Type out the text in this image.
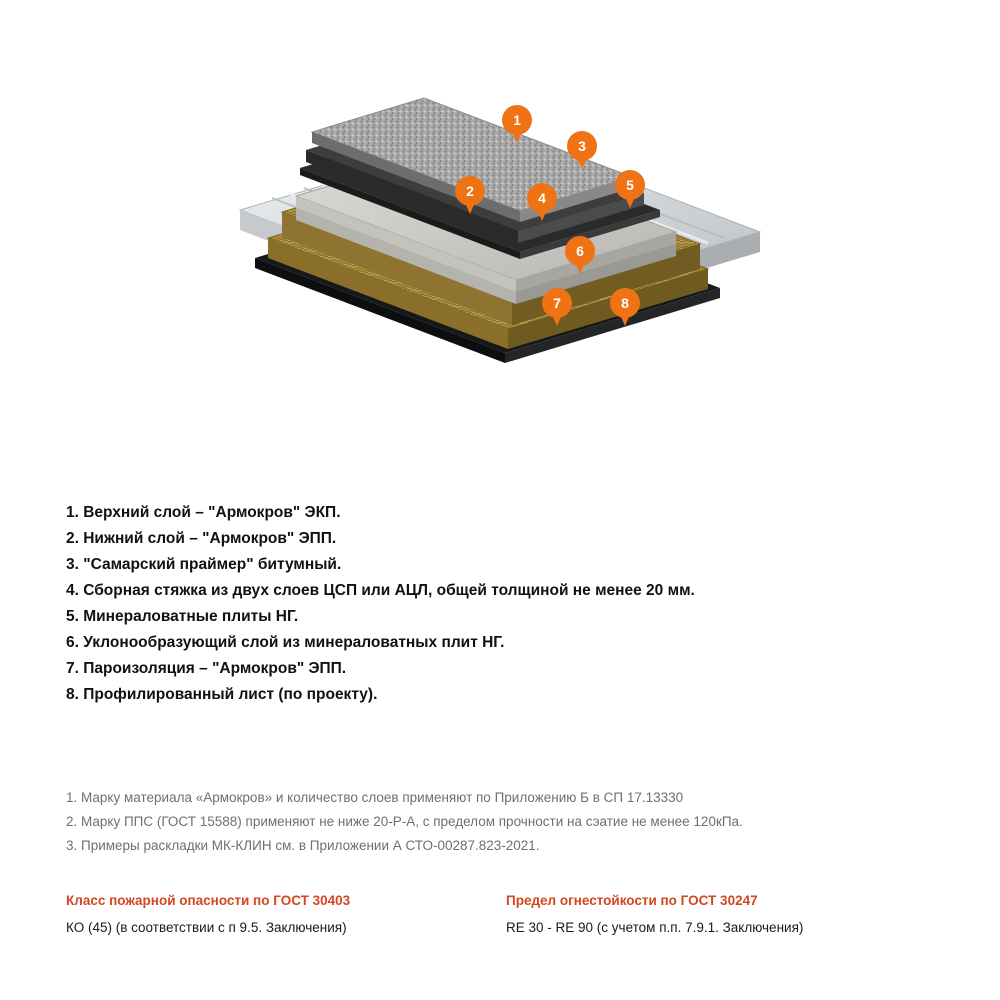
1
2
3
4
5
6
7	8
1. Верхний слой – "Армокров" ЭКП.
2. Нижний слой – "Армокров" ЭПП.
3. "Самарский праймер" битумный.
4. Сборная стяжка из двух слоев ЦСП или АЦЛ, общей толщиной не менее 20 мм.
5. Минераловатные плиты НГ.
6. Уклонообразующий слой из минераловатных плит НГ.
7. Пароизоляция – "Армокров" ЭПП.
8. Профилированный лист (по проекту).
1. Марку материала «Армокров» и количество слоев применяют по Приложению Б в СП 17.13330
2. Марку ППС (ГОСТ 15588) применяют не ниже 20-Р-А, с пределом прочности на сэатие не менее 120кПа.
3. Примеры раскладки МК-КЛИН см. в Приложении А СТО-00287.823-2021.
Класс пожарной опасности по ГОСТ 30403
КО (45) (в соответствии с п 9.5. Заключения)
Предел огнестойкости по ГОСТ 30247
RE 30 - RE 90 (с учетом п.п. 7.9.1. Заключения)
